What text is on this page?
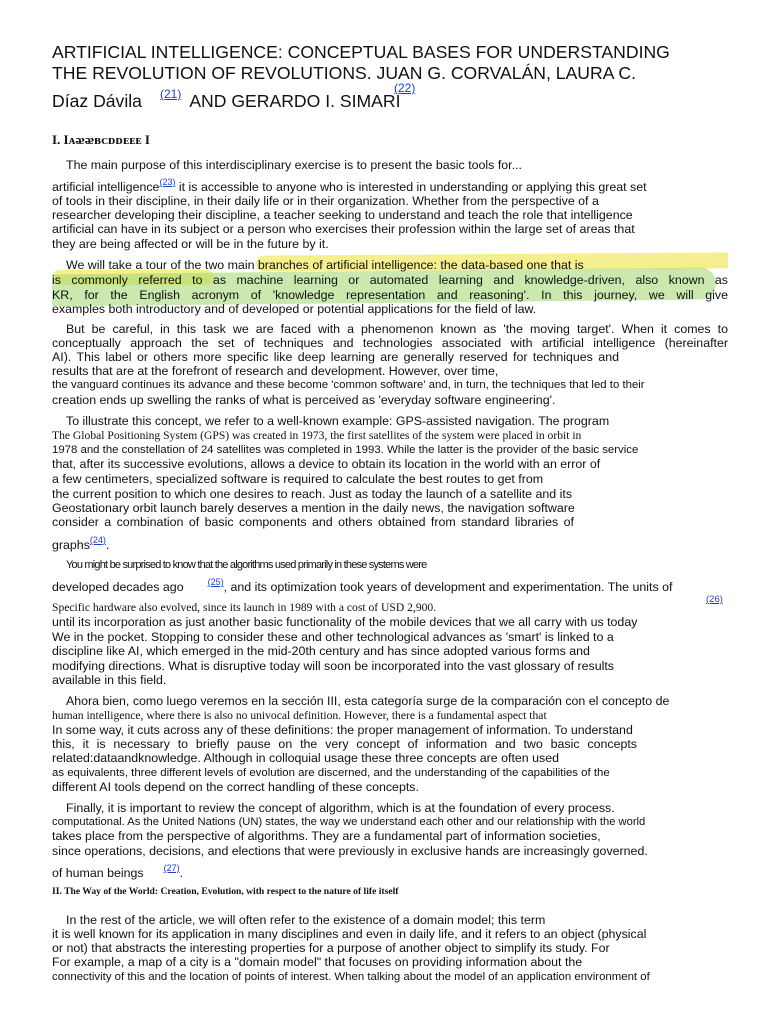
ARTIFICIAL INTELLIGENCE: CONCEPTUAL BASES FOR UNDERSTANDING
THE REVOLUTION OF REVOLUTIONS. JUAN G. CORVALÁN, LAURA C.
Díaz Dávila $^{(21)}$ AND GERARDO I. SIMARI
(22)
I. Iᴀᴂᴂʙᴄᴅᴅᴇᴇᴇ I
The main purpose of this interdisciplinary exercise is to present the basic tools for...
artificial intelligence$^{(23)}$ it is accessible to anyone who is interested in understanding or applying this great set
of tools in their discipline, in their daily life or in their organization. Whether from the perspective of a
researcher developing their discipline, a teacher seeking to understand and teach the role that intelligence
artificial can have in its subject or a person who exercises their profession within the large set of areas that
they are being affected or will be in the future by it.
We will take a tour of the two main branches of artificial intelligence: the data-based one that is
is commonly referred to as machine learning or automated learning and knowledge-driven, also known as
KR, for the English acronym of 'knowledge representation and reasoning'. In this journey, we will give
examples both introductory and of developed or potential applications for the field of law.
But be careful, in this task we are faced with a phenomenon known as 'the moving target'. When it comes to
conceptually approach the set of techniques and technologies associated with artificial intelligence (hereinafter
AI). This label or others more specific like deep learning are generally reserved for techniques and
results that are at the forefront of research and development. However, over time,
the vanguard continues its advance and these become 'common software' and, in turn, the techniques that led to their
creation ends up swelling the ranks of what is perceived as 'everyday software engineering'.
To illustrate this concept, we refer to a well-known example: GPS-assisted navigation. The program
The Global Positioning System (GPS) was created in 1973, the first satellites of the system were placed in orbit in
1978 and the constellation of 24 satellites was completed in 1993. While the latter is the provider of the basic service
that, after its successive evolutions, allows a device to obtain its location in the world with an error of
a few centimeters, specialized software is required to calculate the best routes to get from
the current position to which one desires to reach. Just as today the launch of a satellite and its
Geostationary orbit launch barely deserves a mention in the daily news, the navigation software
consider a combination of basic components and others obtained from standard libraries of
graphs$^{(24)}$.
You might be surprised to know that the algorithms used primarily in these systems were
developed decades ago	$^{(25)}$, and its optimization took years of development and experimentation. The units of
Specific hardware also evolved, since its launch in 1989 with a cost of USD 2,900.
(26)
until its incorporation as just another basic functionality of the mobile devices that we all carry with us today
We in the pocket. Stopping to consider these and other technological advances as 'smart' is linked to a
discipline like AI, which emerged in the mid-20th century and has since adopted various forms and
modifying directions. What is disruptive today will soon be incorporated into the vast glossary of results
available in this field.
Ahora bien, como luego veremos en la sección III, esta categoría surge de la comparación con el concepto de
human intelligence, where there is also no univocal definition. However, there is a fundamental aspect that
In some way, it cuts across any of these definitions: the proper management of information. To understand
this, it is necessary to briefly pause on the very concept of information and two basic concepts
related:dataandknowledge. Although in colloquial usage these three concepts are often used
as equivalents, three different levels of evolution are discerned, and the understanding of the capabilities of the
different AI tools depend on the correct handling of these concepts.
Finally, it is important to review the concept of algorithm, which is at the foundation of every process.
computational. As the United Nations (UN) states, the way we understand each other and our relationship with the world
takes place from the perspective of algorithms. They are a fundamental part of information societies,
since operations, decisions, and elections that were previously in exclusive hands are increasingly governed.
of human beings $^{(27)}$.
II. The Way of the World: Creation, Evolution, with respect to the nature of life itself
In the rest of the article, we will often refer to the existence of a domain model; this term
it is well known for its application in many disciplines and even in daily life, and it refers to an object (physical
or not) that abstracts the interesting properties for a purpose of another object to simplify its study. For
For example, a map of a city is a "domain model" that focuses on providing information about the
connectivity of this and the location of points of interest. When talking about the model of an application environment of
